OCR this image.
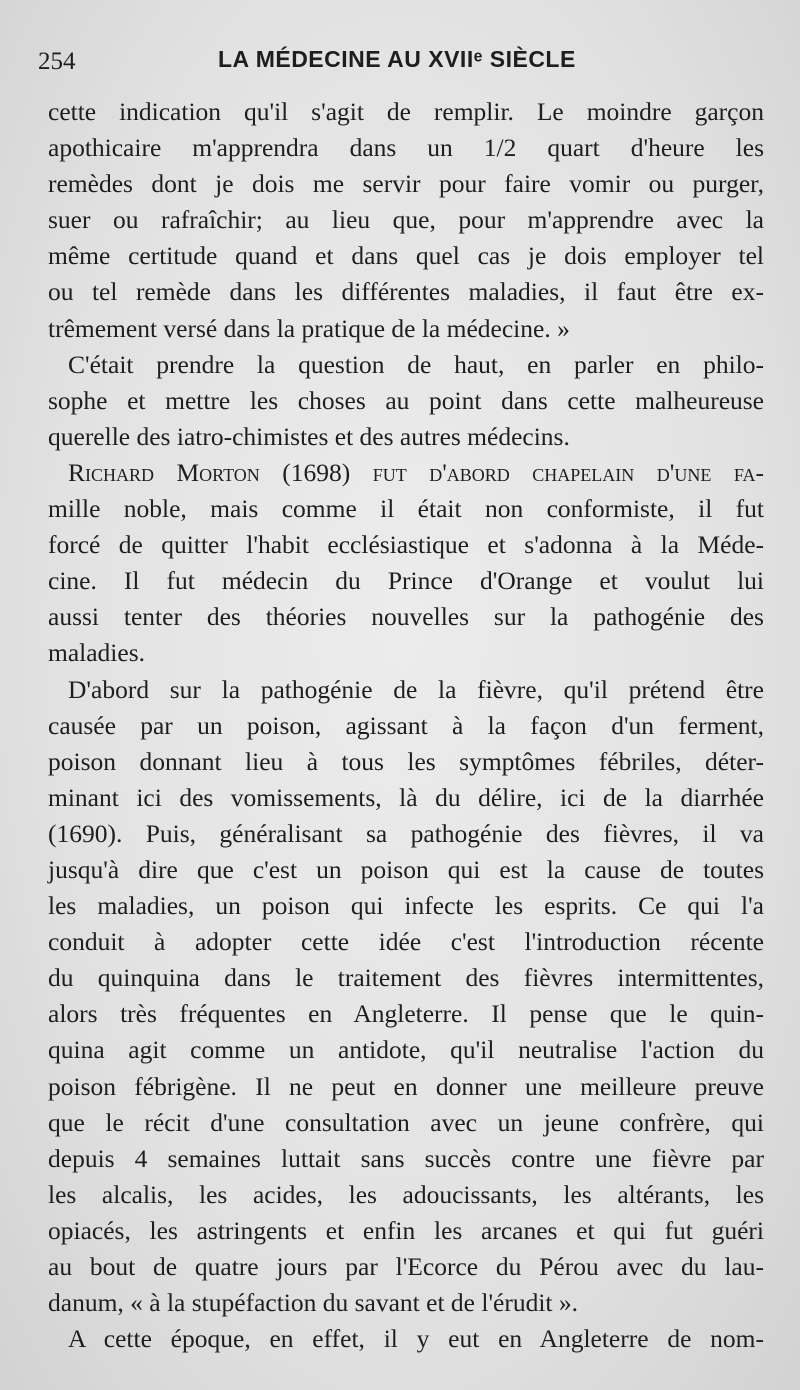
254	LA MÉDECINE AU XVIIᵉ SIÈCLE
cette indication qu'il s'agit de remplir. Le moindre garçon
apothicaire m'apprendra dans un 1/2 quart d'heure les
remèdes dont je dois me servir pour faire vomir ou purger,
suer ou rafraîchir; au lieu que, pour m'apprendre avec la
même certitude quand et dans quel cas je dois employer tel
ou tel remède dans les différentes maladies, il faut être ex-
trêmement versé dans la pratique de la médecine. »
C'était prendre la question de haut, en parler en philo-
sophe et mettre les choses au point dans cette malheureuse
querelle des iatro-chimistes et des autres médecins.
Richard Morton (1698) fut d'abord chapelain d'une fa-
mille noble, mais comme il était non conformiste, il fut
forcé de quitter l'habit ecclésiastique et s'adonna à la Méde-
cine. Il fut médecin du Prince d'Orange et voulut lui
aussi tenter des théories nouvelles sur la pathogénie des
maladies.
D'abord sur la pathogénie de la fièvre, qu'il prétend être
causée par un poison, agissant à la façon d'un ferment,
poison donnant lieu à tous les symptômes fébriles, déter-
minant ici des vomissements, là du délire, ici de la diarrhée
(1690). Puis, généralisant sa pathogénie des fièvres, il va
jusqu'à dire que c'est un poison qui est la cause de toutes
les maladies, un poison qui infecte les esprits. Ce qui l'a
conduit à adopter cette idée c'est l'introduction récente
du quinquina dans le traitement des fièvres intermittentes,
alors très fréquentes en Angleterre. Il pense que le quin-
quina agit comme un antidote, qu'il neutralise l'action du
poison fébrigène. Il ne peut en donner une meilleure preuve
que le récit d'une consultation avec un jeune confrère, qui
depuis 4 semaines luttait sans succès contre une fièvre par
les alcalis, les acides, les adoucissants, les altérants, les
opiacés, les astringents et enfin les arcanes et qui fut guéri
au bout de quatre jours par l'Ecorce du Pérou avec du lau-
danum, « à la stupéfaction du savant et de l'érudit ».
A cette époque, en effet, il y eut en Angleterre de nom-
